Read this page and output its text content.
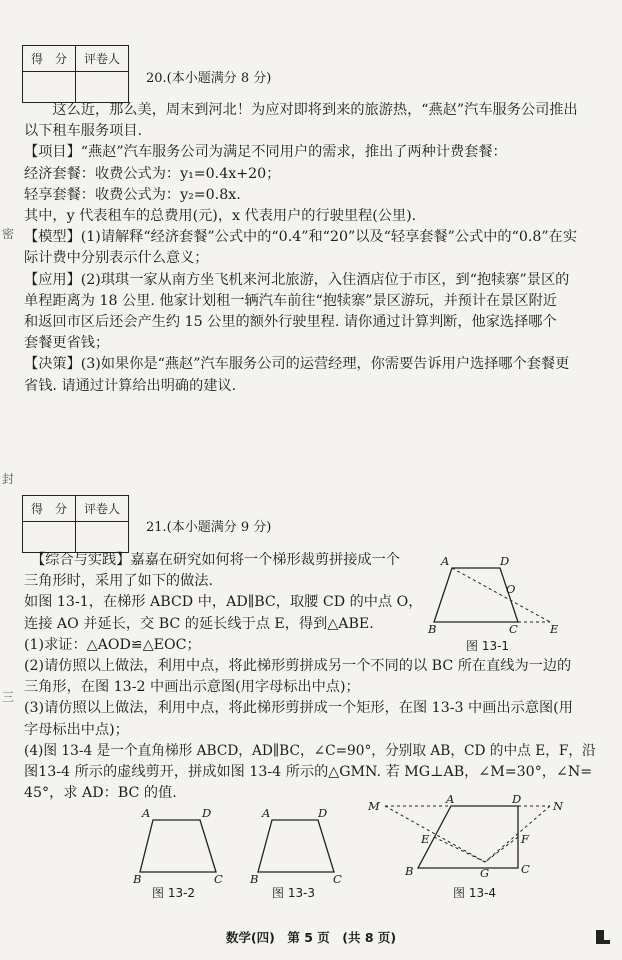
得　分	评卷人

20.(本小题满分 8 分)
　　这么近，那么美，周末到河北！为应对即将到来的旅游热，“燕赵”汽车服务公司推出
以下租车服务项目.
【项目】“燕赵”汽车服务公司为满足不同用户的需求，推出了两种计费套餐：
经济套餐：收费公式为：y₁=0.4x+20；
轻享套餐：收费公式为：y₂=0.8x.
其中，y 代表租车的总费用(元)，x 代表用户的行驶里程(公里).
【模型】(1)请解释“经济套餐”公式中的“0.4”和“20”以及“轻享套餐”公式中的“0.8”在实
际计费中分别表示什么意义；
【应用】(2)琪琪一家从南方坐飞机来河北旅游，入住酒店位于市区，到“抱犊寨”景区的
单程距离为 18 公里. 他家计划租一辆汽车前往“抱犊寨”景区游玩，并预计在景区附近
和返回市区后还会产生约 15 公里的额外行驶里程. 请你通过计算判断，他家选择哪个
套餐更省钱；
【决策】(3)如果你是“燕赵”汽车服务公司的运营经理，你需要告诉用户选择哪个套餐更
省钱. 请通过计算给出明确的建议.
得　分	评卷人

21.(本小题满分 9 分)
　【综合与实践】嘉嘉在研究如何将一个梯形裁剪拼接成一个
三角形时，采用了如下的做法.
如图 13-1，在梯形 ABCD 中，AD∥BC，取腰 CD 的中点 O，
连接 AO 并延长，交 BC 的延长线于点 E，得到△ABE.
(1)求证：△AOD≌△EOC；
(2)请仿照以上做法，利用中点，将此梯形剪拼成另一个不同的以 BC 所在直线为一边的
三角形，在图 13-2 中画出示意图(用字母标出中点)；
(3)请仿照以上做法，利用中点，将此梯形剪拼成一个矩形，在图 13-3 中画出示意图(用
字母标出中点)；
(4)图 13-4 是一个直角梯形 ABCD，AD∥BC，∠C=90°，分别取 AB，CD 的中点 E，F，沿
图13-4 所示的虚线剪开，拼成如图 13-4 所示的△GMN. 若 MG⊥AB，∠M=30°，∠N=
45°，求 AD：BC 的值.
A	D
O
B	C	E
图 13-1
A	D
B	C
图 13-2
A	D
B	C
图 13-3
M	A	D	N
E	F
B	G	C
图 13-4
密
封
三
数学(四)　第 5 页　(共 8 页)
